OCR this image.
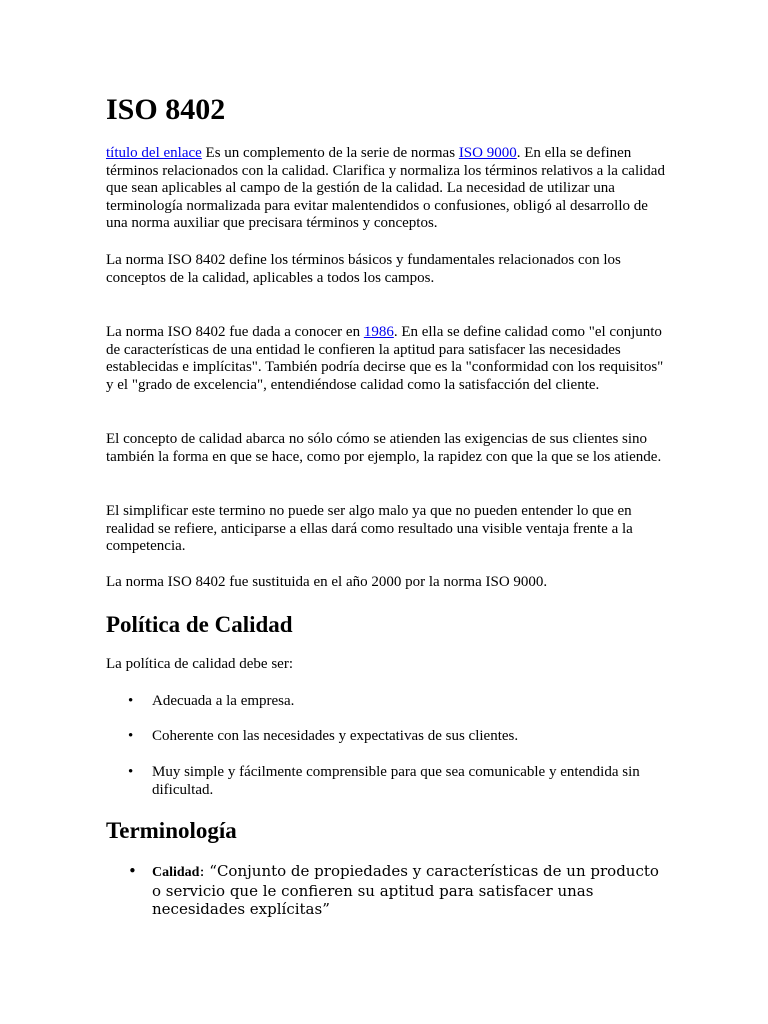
ISO 8402

título del enlace Es un complemento de la serie de normas ISO 9000. En ella se definen términos relacionados con la calidad. Clarifica y normaliza los términos relativos a la calidad que sean aplicables al campo de la gestión de la calidad. La necesidad de utilizar una terminología normalizada para evitar malentendidos o confusiones, obligó al desarrollo de una norma auxiliar que precisara términos y conceptos.

La norma ISO 8402 define los términos básicos y fundamentales relacionados con los conceptos de la calidad, aplicables a todos los campos.

La norma ISO 8402 fue dada a conocer en 1986. En ella se define calidad como "el conjunto de características de una entidad le confieren la aptitud para satisfacer las necesidades establecidas e implícitas". También podría decirse que es la "conformidad con los requisitos" y el "grado de excelencia", entendiéndose calidad como la satisfacción del cliente.

El concepto de calidad abarca no sólo cómo se atienden las exigencias de sus clientes sino también la forma en que se hace, como por ejemplo, la rapidez con que la que se los atiende.

El simplificar este termino no puede ser algo malo ya que no pueden entender lo que en realidad se refiere, anticiparse a ellas dará como resultado una visible ventaja frente a la competencia.

La norma ISO 8402 fue sustituida en el año 2000 por la norma ISO 9000.

Política de Calidad

La política de calidad debe ser:

• Adecuada a la empresa.
• Coherente con las necesidades y expectativas de sus clientes.
• Muy simple y fácilmente comprensible para que sea comunicable y entendida sin dificultad.
Terminología
• Calidad: “Conjunto de propiedades y características de un producto o servicio que le confieren su aptitud para satisfacer unas necesidades explícitas”
